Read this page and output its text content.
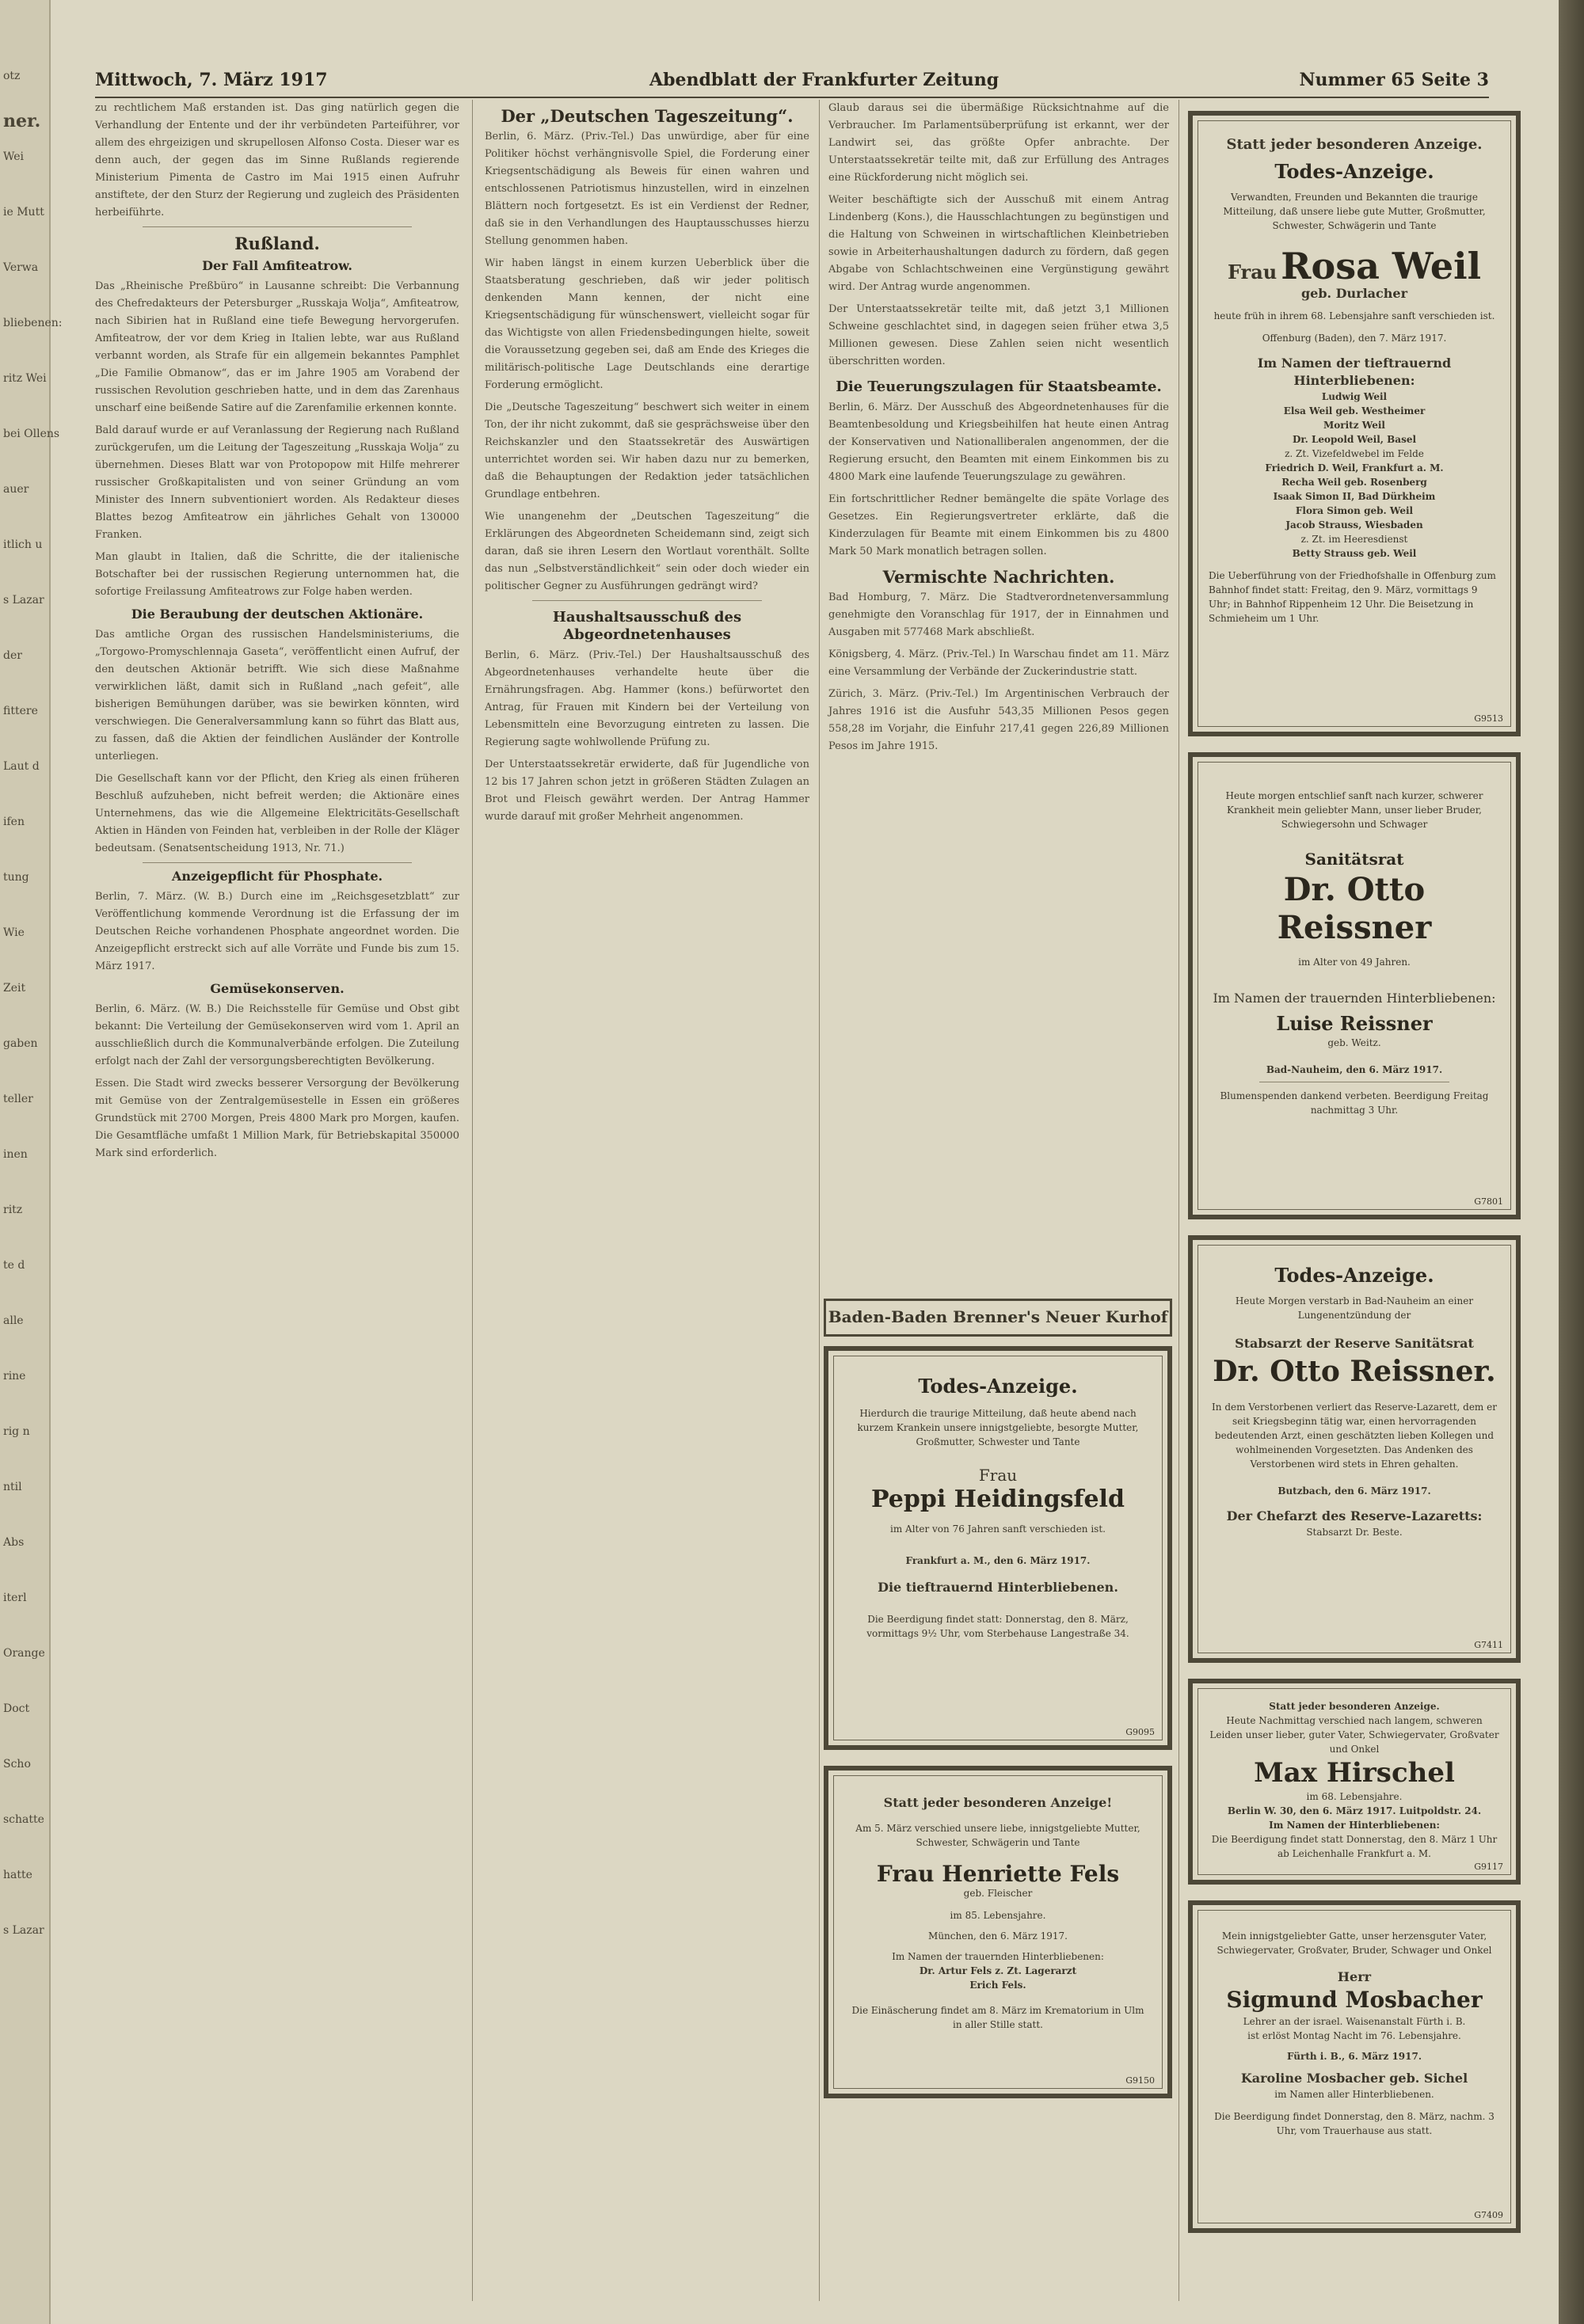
otz
ner.
Wei
ie Mutt
Verwa
bliebenen:
ritz Wei
bei Ollens
auer
itlich u
s Lazar
der
fittere
Laut d
ifen
tung
Wie
Zeit
gaben
teller
inen
ritz
te d
alle
rine
rig n
ntil
Abs
iterl
Orange
Doct
Scho
schatte
hatte
s Lazar
Mittwoch, 7. März 1917	Abendblatt der Frankfurter Zeitung	Nummer 65 Seite 3

zu rechtlichem Maß erstanden ist. Das ging natürlich gegen die Verhandlung der Entente und der ihr verbündeten Parteiführer, vor allem des ehrgeizigen und skrupellosen Alfonso Costa. Dieser war es denn auch, der gegen das im Sinne Rußlands regierende Ministerium Pimenta de Castro im Mai 1915 einen Aufruhr anstiftete, der den Sturz der Regierung und zugleich des Präsidenten herbeiführte.

Rußland.
Der Fall Amfiteatrow.

Das „Rheinische Preßbüro“ in Lausanne schreibt: Die Verbannung des Chefredakteurs der Petersburger „Russkaja Wolja“, Amfiteatrow, nach Sibirien hat in Rußland eine tiefe Bewegung hervorgerufen. Amfiteatrow, der vor dem Krieg in Italien lebte, war aus Rußland verbannt worden, als Strafe für ein allgemein bekanntes Pamphlet „Die Familie Obmanow“, das er im Jahre 1905 am Vorabend der russischen Revolution geschrieben hatte, und in dem das Zarenhaus unscharf eine beißende Satire auf die Zarenfamilie erkennen konnte.

Bald darauf wurde er auf Veranlassung der Regierung nach Rußland zurückgerufen, um die Leitung der Tageszeitung „Russkaja Wolja“ zu übernehmen. Dieses Blatt war von Protopopow mit Hilfe mehrerer russischer Großkapitalisten und von seiner Gründung an vom Minister des Innern subventioniert worden. Als Redakteur dieses Blattes bezog Amfiteatrow ein jährliches Gehalt von 130000 Franken.

Man glaubt in Italien, daß die Schritte, die der italienische Botschafter bei der russischen Regierung unternommen hat, die sofortige Freilassung Amfiteatrows zur Folge haben werden.

Die Beraubung der deutschen Aktionäre.

Das amtliche Organ des russischen Handelsministeriums, die „Torgowo-Promyschlennaja Gaseta“, veröffentlicht einen Aufruf, der den deutschen Aktionär betrifft. Wie sich diese Maßnahme verwirklichen läßt, damit sich in Rußland „nach gefeit“, alle bisherigen Bemühungen darüber, was sie bewirken könnten, wird verschwiegen. Die Generalversammlung kann so führt das Blatt aus, zu fassen, daß die Aktien der feindlichen Ausländer der Kontrolle unterliegen.

Die Gesellschaft kann vor der Pflicht, den Krieg als einen früheren Beschluß aufzuheben, nicht befreit werden; die Aktionäre eines Unternehmens, das wie die Allgemeine Elektricitäts-Gesellschaft Aktien in Händen von Feinden hat, verbleiben in der Rolle der Kläger bedeutsam. (Senatsentscheidung 1913, Nr. 71.)

Anzeigepflicht für Phosphate.

Berlin, 7. März. (W. B.) Durch eine im „Reichsgesetzblatt“ zur Veröffentlichung kommende Verordnung ist die Erfassung der im Deutschen Reiche vorhandenen Phosphate angeordnet worden. Die Anzeigepflicht erstreckt sich auf alle Vorräte und Funde bis zum 15. März 1917.

Gemüsekonserven.

Berlin, 6. März. (W. B.) Die Reichsstelle für Gemüse und Obst gibt bekannt: Die Verteilung der Gemüsekonserven wird vom 1. April an ausschließlich durch die Kommunalverbände erfolgen. Die Zuteilung erfolgt nach der Zahl der versorgungsberechtigten Bevölkerung.

Essen. Die Stadt wird zwecks besserer Versorgung der Bevölkerung mit Gemüse von der Zentralgemüsestelle in Essen ein größeres Grundstück mit 2700 Morgen, Preis 4800 Mark pro Morgen, kaufen. Die Gesamtfläche umfaßt 1 Million Mark, für Betriebskapital 350000 Mark sind erforderlich.

Der „Deutschen Tageszeitung“.

Berlin, 6. März. (Priv.-Tel.) Das unwürdige, aber für eine Politiker höchst verhängnisvolle Spiel, die Forderung einer Kriegsentschädigung als Beweis für einen wahren und entschlossenen Patriotismus hinzustellen, wird in einzelnen Blättern noch fortgesetzt. Es ist ein Verdienst der Redner, daß sie in den Verhandlungen des Hauptausschusses hierzu Stellung genommen haben.

Wir haben längst in einem kurzen Ueberblick über die Staatsberatung geschrieben, daß wir jeder politisch denkenden Mann kennen, der nicht eine Kriegsentschädigung für wünschenswert, vielleicht sogar für das Wichtigste von allen Friedensbedingungen hielte, soweit die Voraussetzung gegeben sei, daß am Ende des Krieges die militärisch-politische Lage Deutschlands eine derartige Forderung ermöglicht.

Die „Deutsche Tageszeitung“ beschwert sich weiter in einem Ton, der ihr nicht zukommt, daß sie gesprächsweise über den Reichskanzler und den Staatssekretär des Auswärtigen unterrichtet worden sei. Wir haben dazu nur zu bemerken, daß die Behauptungen der Redaktion jeder tatsächlichen Grundlage entbehren.

Wie unangenehm der „Deutschen Tageszeitung“ die Erklärungen des Abgeordneten Scheidemann sind, zeigt sich daran, daß sie ihren Lesern den Wortlaut vorenthält. Sollte das nun „Selbstverständlichkeit“ sein oder doch wieder ein politischer Gegner zu Ausführungen gedrängt wird?

Haushaltsausschuß des Abgeordnetenhauses

Berlin, 6. März. (Priv.-Tel.) Der Haushaltsausschuß des Abgeordnetenhauses verhandelte heute über die Ernährungsfragen. Abg. Hammer (kons.) befürwortet den Antrag, für Frauen mit Kindern bei der Verteilung von Lebensmitteln eine Bevorzugung eintreten zu lassen. Die Regierung sagte wohlwollende Prüfung zu.

Der Unterstaatssekretär erwiderte, daß für Jugendliche von 12 bis 17 Jahren schon jetzt in größeren Städten Zulagen an Brot und Fleisch gewährt werden. Der Antrag Hammer wurde darauf mit großer Mehrheit angenommen.

Glaub daraus sei die übermäßige Rücksichtnahme auf die Verbraucher. Im Parlamentsüberprüfung ist erkannt, wer der Landwirt sei, das größte Opfer anbrachte. Der Unterstaatssekretär teilte mit, daß zur Erfüllung des Antrages eine Rückforderung nicht möglich sei.

Weiter beschäftigte sich der Ausschuß mit einem Antrag Lindenberg (Kons.), die Hausschlachtungen zu begünstigen und die Haltung von Schweinen in wirtschaftlichen Kleinbetrieben sowie in Arbeiterhaushaltungen dadurch zu fördern, daß gegen Abgabe von Schlachtschweinen eine Vergünstigung gewährt wird. Der Antrag wurde angenommen.

Der Unterstaatssekretär teilte mit, daß jetzt 3,1 Millionen Schweine geschlachtet sind, in dagegen seien früher etwa 3,5 Millionen gewesen. Diese Zahlen seien nicht wesentlich überschritten worden.

Die Teuerungszulagen für Staatsbeamte.

Berlin, 6. März. Der Ausschuß des Abgeordnetenhauses für die Beamtenbesoldung und Kriegsbeihilfen hat heute einen Antrag der Konservativen und Nationalliberalen angenommen, der die Regierung ersucht, den Beamten mit einem Einkommen bis zu 4800 Mark eine laufende Teuerungszulage zu gewähren.

Ein fortschrittlicher Redner bemängelte die späte Vorlage des Gesetzes. Ein Regierungsvertreter erklärte, daß die Kinderzulagen für Beamte mit einem Einkommen bis zu 4800 Mark 50 Mark monatlich betragen sollen.

Vermischte Nachrichten.

Bad Homburg, 7. März. Die Stadtverordnetenversammlung genehmigte den Voranschlag für 1917, der in Einnahmen und Ausgaben mit 577468 Mark abschließt.

Königsberg, 4. März. (Priv.-Tel.) In Warschau findet am 11. März eine Versammlung der Verbände der Zuckerindustrie statt.

Zürich, 3. März. (Priv.-Tel.) Im Argentinischen Verbrauch der Jahres 1916 ist die Ausfuhr 543,35 Millionen Pesos gegen 558,28 im Vorjahr, die Einfuhr 217,41 gegen 226,89 Millionen Pesos im Jahre 1915.

Baden-Baden Brenner's Neuer Kurhof
Todes-Anzeige.
Hierdurch die traurige Mitteilung, daß heute abend nach kurzem Krankein unsere innigstgeliebte, besorgte Mutter, Großmutter, Schwester und Tante
Frau
Peppi Heidingsfeld
im Alter von 76 Jahren sanft verschieden ist.
Frankfurt a. M., den 6. März 1917.
Die tieftrauernd Hinterbliebenen.
Die Beerdigung findet statt: Donnerstag, den 8. März, vormittags 9½ Uhr, vom Sterbehause Langestraße 34.
G9095
Statt jeder besonderen Anzeige!
Am 5. März verschied unsere liebe, innigstgeliebte Mutter, Schwester, Schwägerin und Tante
Frau Henriette Fels
geb. Fleischer
im 85. Lebensjahre.
München, den 6. März 1917.
Im Namen der trauernden Hinterbliebenen:
Dr. Artur Fels z. Zt. Lagerarzt
Erich Fels.
Die Einäscherung findet am 8. März im Krematorium in Ulm in aller Stille statt.
G9150
Statt jeder besonderen Anzeige.
Todes-Anzeige.
Verwandten, Freunden und Bekannten die traurige Mitteilung, daß unsere liebe gute Mutter, Großmutter, Schwester, Schwägerin und Tante
Frau Rosa Weil
geb. Durlacher
heute früh in ihrem 68. Lebensjahre sanft verschieden ist.
Offenburg (Baden), den 7. März 1917.
Im Namen der tieftrauernd Hinterbliebenen:
Ludwig Weil
Elsa Weil geb. Westheimer
Moritz Weil
Dr. Leopold Weil, Basel
z. Zt. Vizefeldwebel im Felde
Friedrich D. Weil, Frankfurt a. M.
Recha Weil geb. Rosenberg
Isaak Simon II, Bad Dürkheim
Flora Simon geb. Weil
Jacob Strauss, Wiesbaden
z. Zt. im Heeresdienst
Betty Strauss geb. Weil
Die Ueberführung von der Friedhofshalle in Offenburg zum Bahnhof findet statt: Freitag, den 9. März, vormittags 9 Uhr; in Bahnhof Rippenheim 12 Uhr. Die Beisetzung in Schmieheim um 1 Uhr.
G9513
Heute morgen entschlief sanft nach kurzer, schwerer Krankheit mein geliebter Mann, unser lieber Bruder, Schwiegersohn und Schwager
Sanitätsrat
Dr. Otto Reissner
im Alter von 49 Jahren.
Im Namen der trauernden Hinterbliebenen:
Luise Reissner
geb. Weitz.
Bad-Nauheim, den 6. März 1917.
Blumenspenden dankend verbeten. Beerdigung Freitag nachmittag 3 Uhr.
G7801
Todes-Anzeige.
Heute Morgen verstarb in Bad-Nauheim an einer Lungenentzündung der
Stabsarzt der Reserve Sanitätsrat
Dr. Otto Reissner.
In dem Verstorbenen verliert das Reserve-Lazarett, dem er seit Kriegsbeginn tätig war, einen hervorragenden bedeutenden Arzt, einen geschätzten lieben Kollegen und wohlmeinenden Vorgesetzten. Das Andenken des Verstorbenen wird stets in Ehren gehalten.
Butzbach, den 6. März 1917.
Der Chefarzt des Reserve-Lazaretts:
Stabsarzt Dr. Beste.
G7411
Statt jeder besonderen Anzeige.
Heute Nachmittag verschied nach langem, schweren Leiden unser lieber, guter Vater, Schwiegervater, Großvater und Onkel
Max Hirschel
im 68. Lebensjahre.
Berlin W. 30, den 6. März 1917. Luitpoldstr. 24.
Im Namen der Hinterbliebenen:
Die Beerdigung findet statt Donnerstag, den 8. März 1 Uhr ab Leichenhalle Frankfurt a. M.
G9117
Mein innigstgeliebter Gatte, unser herzensguter Vater, Schwiegervater, Großvater, Bruder, Schwager und Onkel
Herr
Sigmund Mosbacher
Lehrer an der israel. Waisenanstalt Fürth i. B.
ist erlöst Montag Nacht im 76. Lebensjahre.
Fürth i. B., 6. März 1917.
Karoline Mosbacher geb. Sichel
im Namen aller Hinterbliebenen.
Die Beerdigung findet Donnerstag, den 8. März, nachm. 3 Uhr, vom Trauerhause aus statt.
G7409
